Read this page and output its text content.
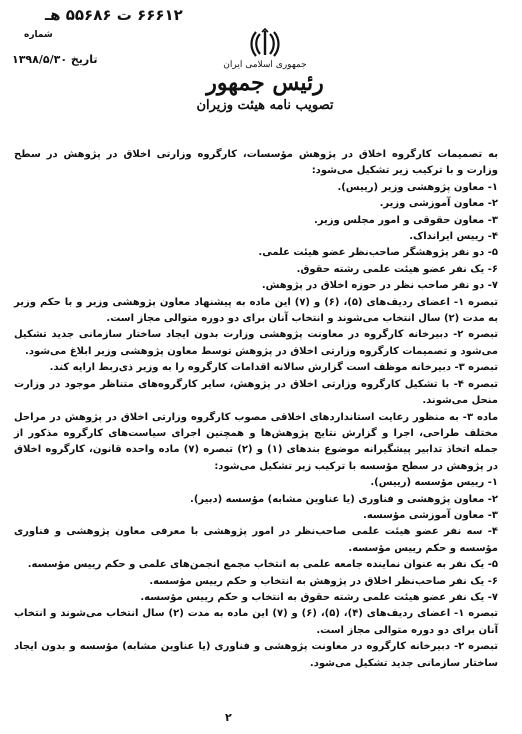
۶۶۶۱۲ ت ۵۵۶۸۶ هـ
شماره
تاریخ ۱۳۹۸/۵/۳۰	جمهوری اسلامی ایران
رئیس جمهور
تصویب نامه هیئت وزیران

به تصمیمات کارگروه اخلاق در پژوهش مؤسسات، کارگروه وزارتی اخلاق در پژوهش در سطح وزارت و با ترکیب زیر تشکیل می‌شود:

۱- معاون پژوهشی وزیر (رییس).

۲- معاون آموزشی وزیر.

۳- معاون حقوقی و امور مجلس وزیر.

۴- رییس ایرانداک.

۵- دو نفر پژوهشگر صاحب‌نظر عضو هیئت علمی.

۶- یک نفر عضو هیئت علمی رشته حقوق.

۷- دو نفر صاحب نظر در حوزه اخلاق در پژوهش.

تبصره ۱- اعضای ردیف‌های (۵)، (۶) و (۷) این ماده به پیشنهاد معاون پژوهشی وزیر و با حکم وزیر به مدت (۲) سال انتخاب می‌شوند و انتخاب آنان برای دو دوره متوالی مجاز است.

تبصره ۲- دبیرخانه کارگروه در معاونت پژوهشی وزارت بدون ایجاد ساختار سازمانی جدید تشکیل می‌شود و تصمیمات کارگروه وزارتی اخلاق در پژوهش توسط معاون پژوهشی وزیر ابلاغ می‌شود.

تبصره ۳- دبیرخانه موظف است گزارش سالانه اقدامات کارگروه را به وزیر ذی‌ربط ارایه کند.

تبصره ۴- با تشکیل کارگروه وزارتی اخلاق در پژوهش، سایر کارگروه‌های متناظر موجود در وزارت منحل می‌شوند.

ماده ۳- به منظور رعایت استانداردهای اخلاقی مصوب کارگروه وزارتی اخلاق در پژوهش در مراحل مختلف طراحی، اجرا و گزارش نتایج پژوهش‌ها و همچنین اجرای سیاست‌های کارگروه مذکور از جمله اتخاذ تدابیر پیشگیرانه موضوع بندهای (۱) و (۲) تبصره (۷) ماده واحده قانون، کارگروه اخلاق در پژوهش در سطح مؤسسه با ترکیب زیر تشکیل می‌شود:

۱- رییس مؤسسه (رییس).

۲- معاون پژوهشی و فناوری (یا عناوین مشابه) مؤسسه (دبیر).

۳- معاون آموزشی مؤسسه.

۴- سه نفر عضو هیئت علمی صاحب‌نظر در امور پژوهشی با معرفی معاون پژوهشی و فناوری مؤسسه و حکم رییس مؤسسه.

۵- یک نفر به عنوان نماینده جامعه علمی به انتخاب مجمع انجمن‌های علمی و حکم رییس مؤسسه.

۶- یک نفر صاحب‌نظر اخلاق در پژوهش به انتخاب و حکم رییس مؤسسه.

۷- یک نفر عضو هیئت علمی رشته حقوق به انتخاب و حکم رییس مؤسسه.

تبصره ۱- اعضای ردیف‌های (۴)، (۵)، (۶) و (۷) این ماده به مدت (۲) سال انتخاب می‌شوند و انتخاب آنان برای دو دوره متوالی مجاز است.

تبصره ۲- دبیرخانه کارگروه در معاونت پژوهشی و فناوری (یا عناوین مشابه) مؤسسه و بدون ایجاد ساختار سازمانی جدید تشکیل می‌شود.

۲
